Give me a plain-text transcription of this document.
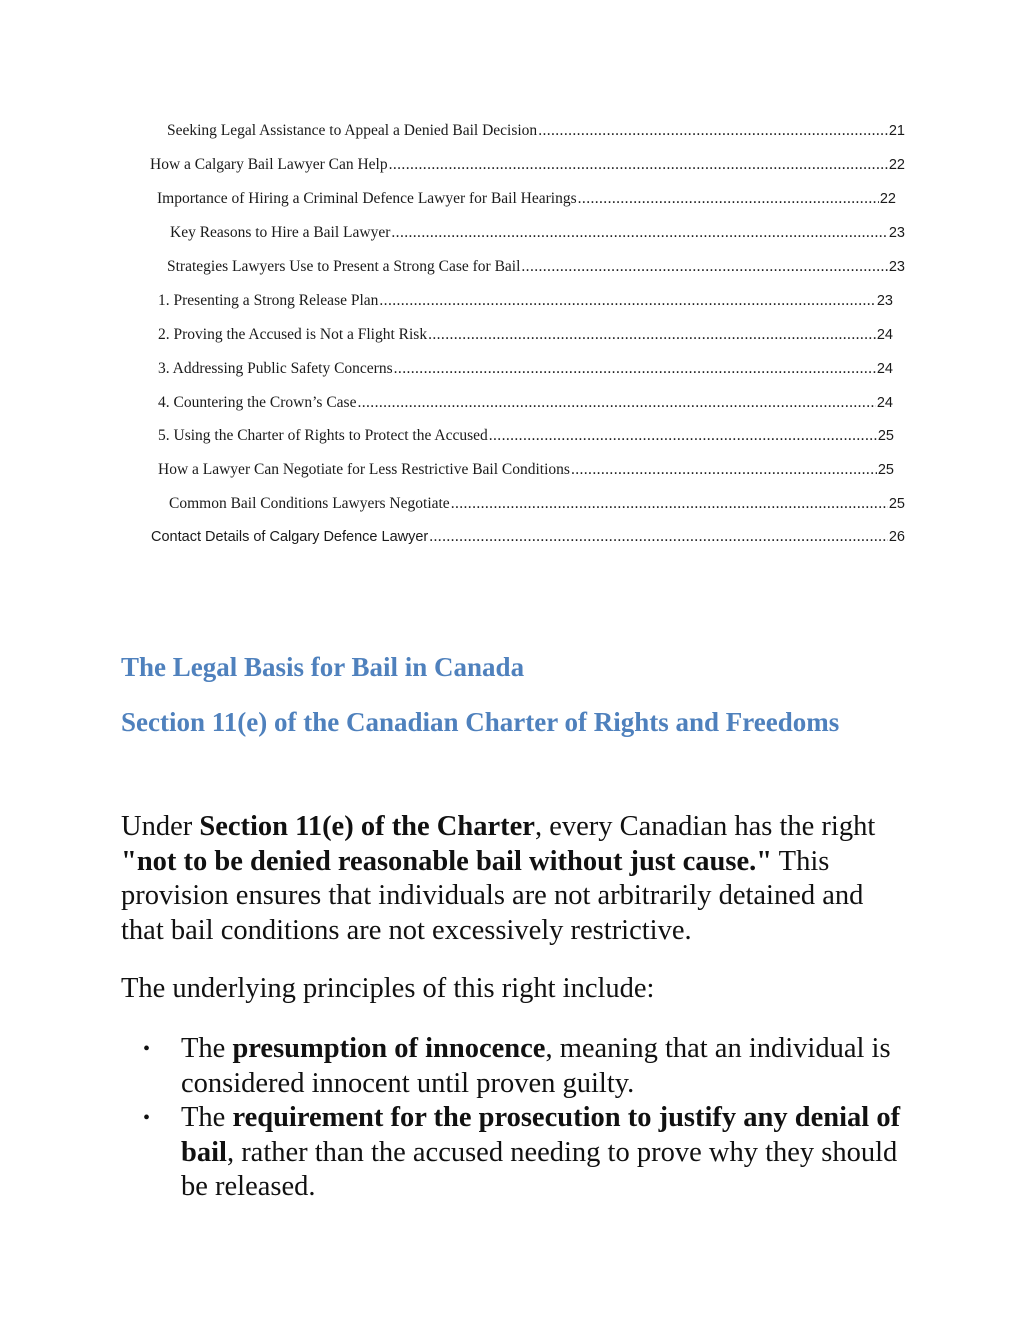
Seeking Legal Assistance to Appeal a Denied Bail Decision .....	21
How a Calgary Bail Lawyer Can Help .....	22
Importance of Hiring a Criminal Defence Lawyer for Bail Hearings .....	22
Key Reasons to Hire a Bail Lawyer .....	23
Strategies Lawyers Use to Present a Strong Case for Bail .....	23
1. Presenting a Strong Release Plan .....	23
2. Proving the Accused is Not a Flight Risk .....	24
3. Addressing Public Safety Concerns .....	24
4. Countering the Crown’s Case .....	24
5. Using the Charter of Rights to Protect the Accused .....	25
How a Lawyer Can Negotiate for Less Restrictive Bail Conditions .....	25
Common Bail Conditions Lawyers Negotiate .....	25
Contact Details of Calgary Defence Lawyer .....	26
The Legal Basis for Bail in Canada
Section 11(e) of the Canadian Charter of Rights and Freedoms

Under Section 11(e) of the Charter, every Canadian has the right "not to be denied reasonable bail without just cause." This provision ensures that individuals are not arbitrarily detained and that bail conditions are not excessively restrictive.

The underlying principles of this right include:

• The presumption of innocence, meaning that an individual is considered innocent until proven guilty.
• The requirement for the prosecution to justify any denial of bail, rather than the accused needing to prove why they should be released.
